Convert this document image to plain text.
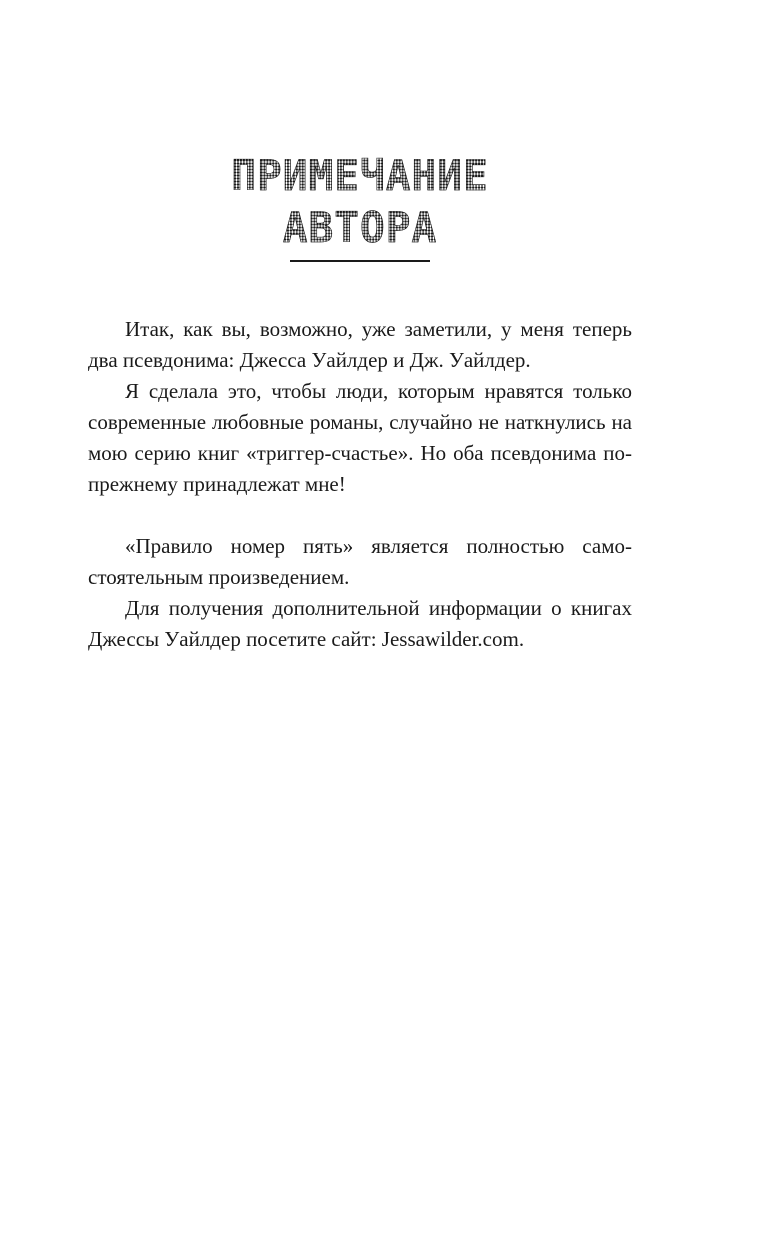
ПРИМЕЧАНИЕ
АВТОРА

Итак, как вы, возможно, уже заметили, у меня теперь два псевдонима: Джесса Уайлдер и Дж. Уайлдер.

Я сделала это, чтобы люди, которым нравятся только современные любовные романы, случайно не наткнулись на мою серию книг «триггер-счастье». Но оба псевдонима по-прежнему принадлежат мне!

«Правило номер пять» является полностью самостоятельным произведением.

Для получения дополнительной информации о книгах Джессы Уайлдер посетите сайт: Jessawilder.com.
